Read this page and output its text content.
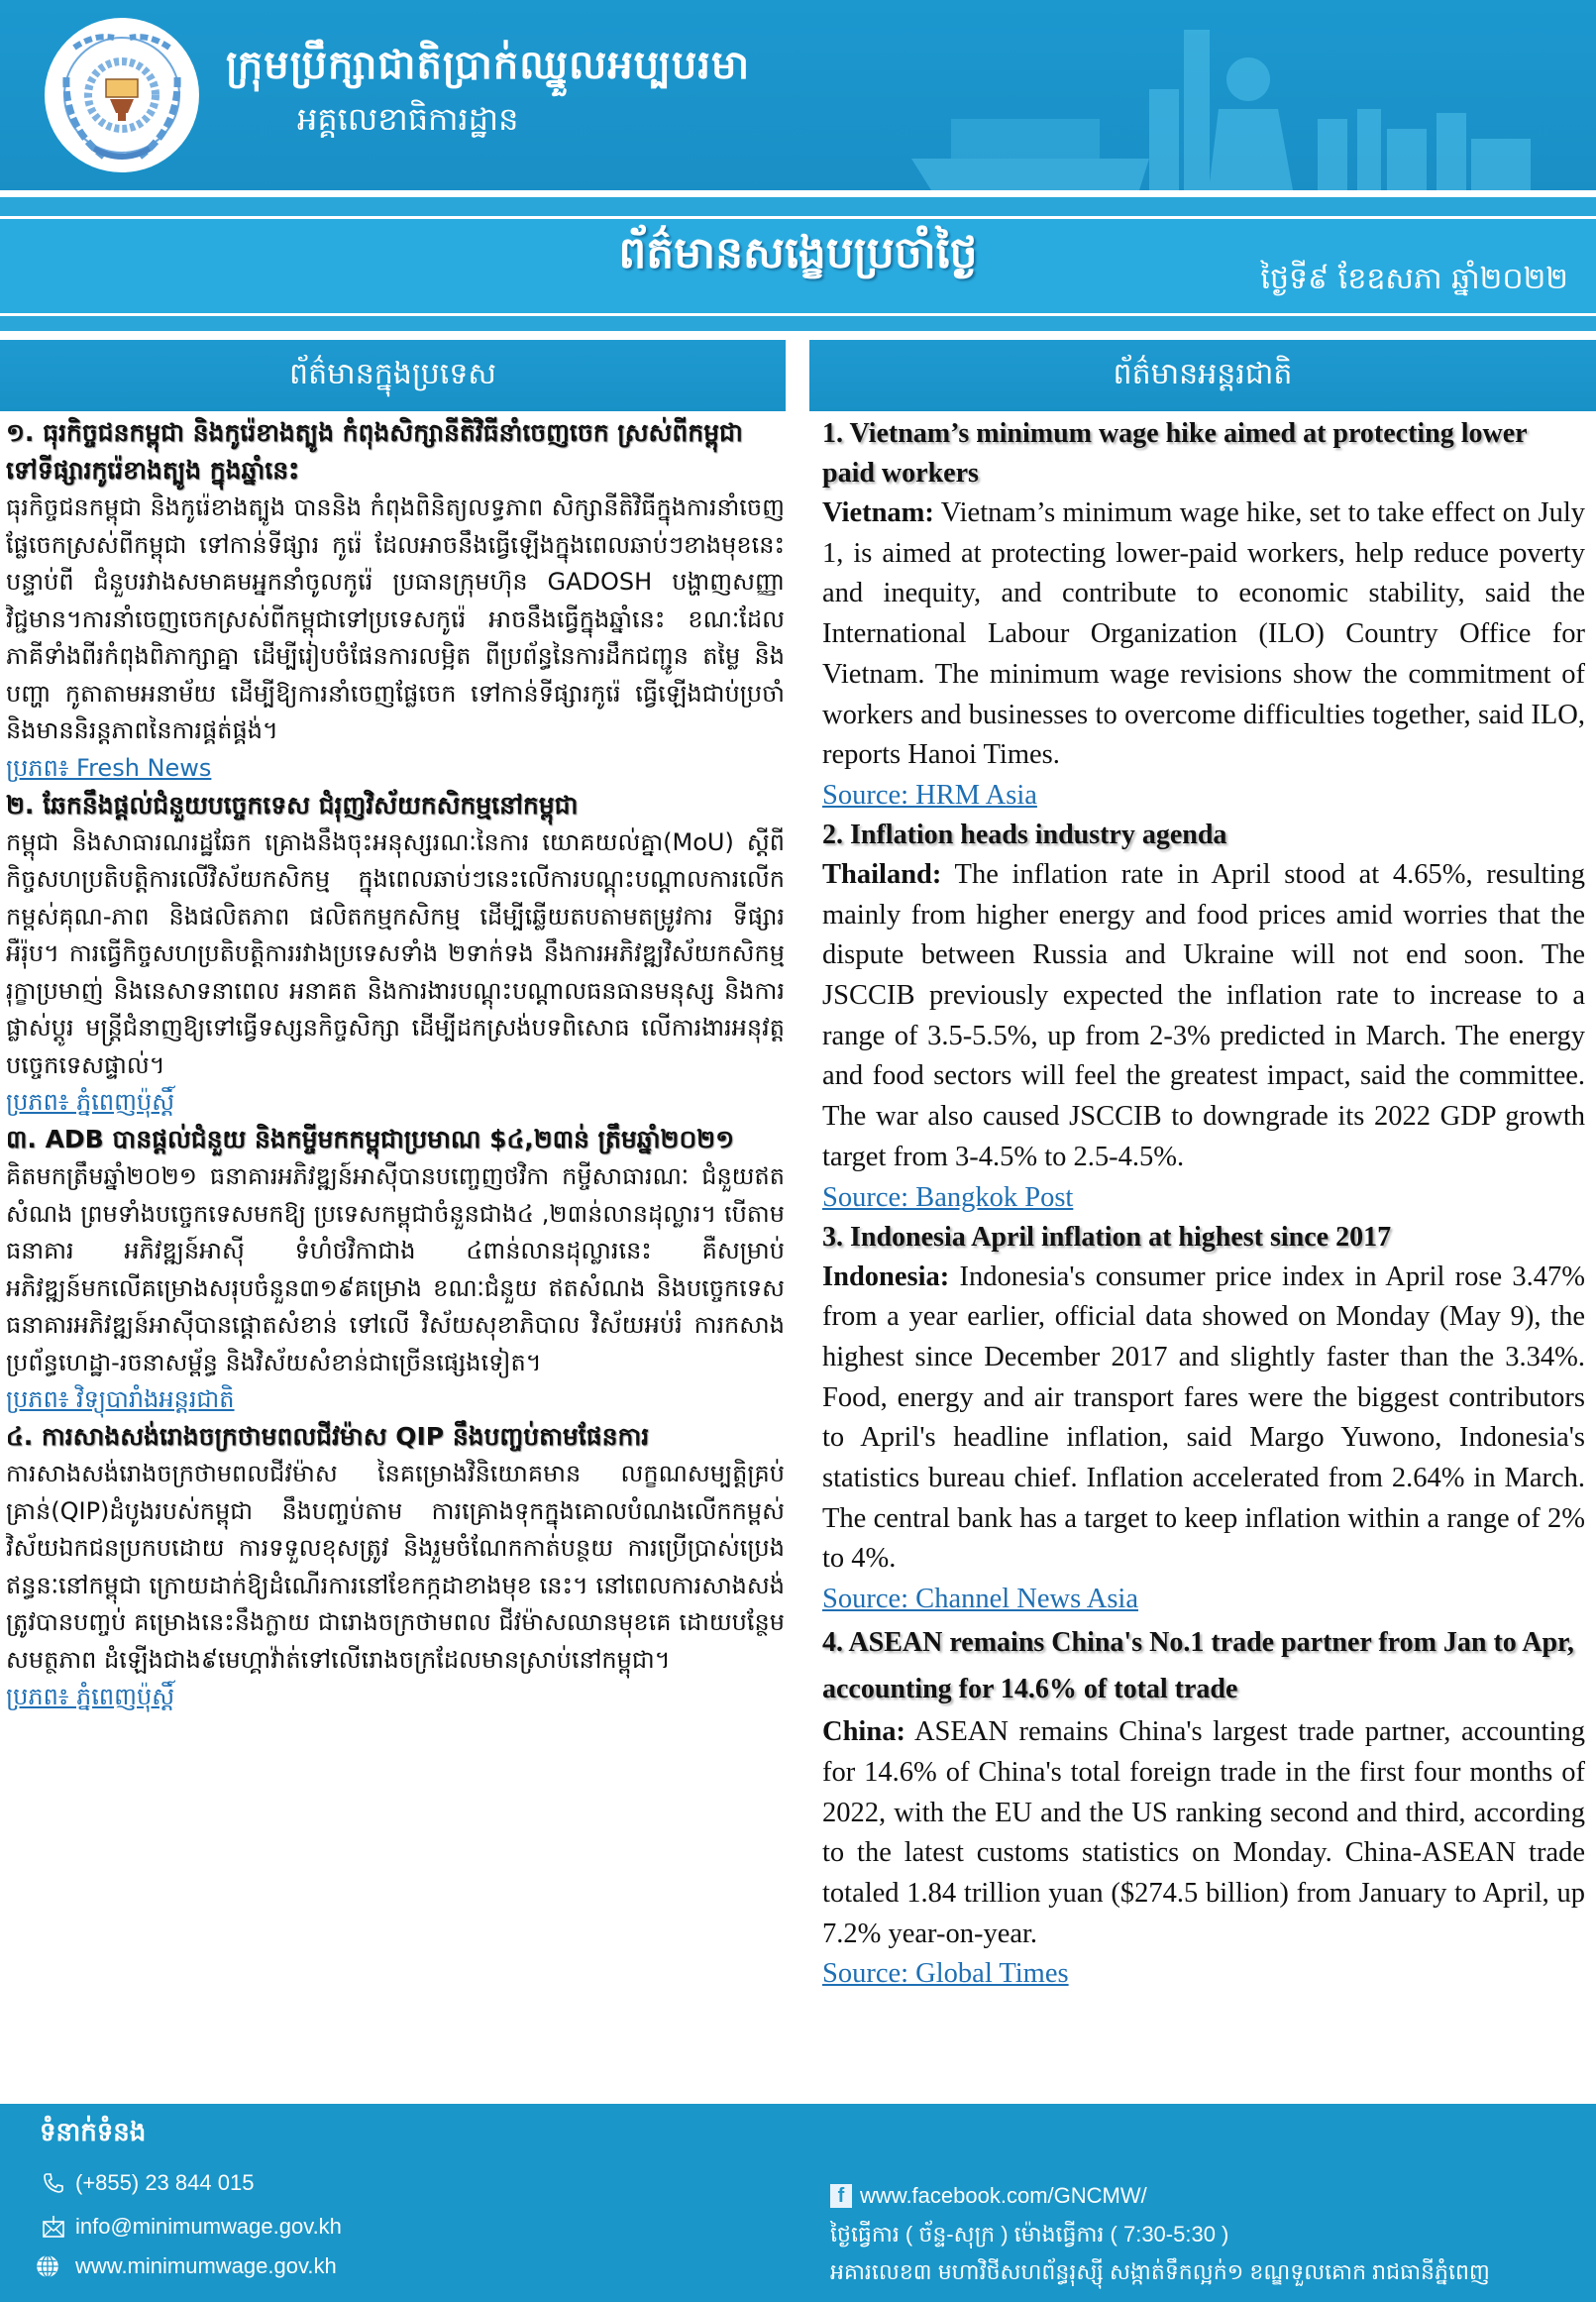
ក្រុមប្រឹក្សាជាតិប្រាក់ឈ្នួលអប្បបរមា
អគ្គលេខាធិការដ្ឋាន
ព័ត៌មានសង្ខេបប្រចាំថ្ងៃ
ថ្ងៃទី៩ ខែឧសភា ឆ្នាំ២០២២
ព័ត៌មានក្នុងប្រទេស	ព័ត៌មានអន្តរជាតិ
១. ធុរកិច្ចជនកម្ពុជា និងកូរ៉េខាងត្បូង កំពុងសិក្សានីតិវិធីនាំចេញចេក ស្រស់ពីកម្ពុជាទៅទីផ្សារកូរ៉េខាងត្បូង ក្នុងឆ្នាំនេះ
ធុរកិច្ចជនកម្ពុជា និងកូរ៉េខាងត្បូង បាននិង កំពុងពិនិត្យលទ្ធភាព សិក្សានីតិវិធីក្នុងការនាំចេញផ្លែចេកស្រស់ពីកម្ពុជា ទៅកាន់ទីផ្សារ កូរ៉េ ដែលអាចនឹងធ្វើឡើងក្នុងពេលឆាប់ៗខាងមុខនេះ បន្ទាប់ពី ជំនួបរវាងសមាគមអ្នកនាំចូលកូរ៉េ ប្រធានក្រុមហ៊ុន GADOSH បង្ហាញសញ្ញាវិជ្ជមាន។ការនាំចេញចេកស្រស់ពីកម្ពុជាទៅប្រទេសកូរ៉េ អាចនឹងធ្វើក្នុងឆ្នាំនេះ ខណៈដែលភាគីទាំងពីរកំពុងពិភាក្សាគ្នា ដើម្បីរៀបចំផែនការលម្អិត ពីប្រព័ន្ធនៃការដឹកជញ្ជូន តម្លៃ និងបញ្ហា កូតាតាមអនាម័យ ដើម្បីឱ្យការនាំចេញផ្លែចេក ទៅកាន់ទីផ្សារកូរ៉េ ធ្វើឡើងជាប់ប្រចាំ និងមាននិរន្តភាពនៃការផ្គត់ផ្គង់។
ប្រភព៖ Fresh News
២. ឆែកនឹងផ្តល់ជំនួយបច្ចេកទេស ជំរុញវិស័យកសិកម្មនៅកម្ពុជា
កម្ពុជា និងសាធារណរដ្ឋឆែក គ្រោងនឹងចុះអនុស្សរណៈនៃការ យោគយល់គ្នា(MoU) ស្តីពីកិច្ចសហប្រតិបត្តិការលើវិស័យកសិកម្ម ក្នុងពេលឆាប់ៗនេះលើការបណ្តុះបណ្តាលការលើកកម្ពស់គុណ-ភាព និងផលិតភាព ផលិតកម្មកសិកម្ម ដើម្បីឆ្លើយតបតាមតម្រូវការ ទីផ្សារអឺរ៉ុប។ ការធ្វើកិច្ចសហប្រតិបត្តិការរវាងប្រទេសទាំង ២ទាក់ទង នឹងការអភិវឌ្ឍវិស័យកសិកម្ម រុក្ខាប្រមាញ់ និងនេសាទនាពេល អនាគត និងការងារបណ្តុះបណ្តាលធនធានមនុស្ស និងការផ្លាស់ប្តូរ មន្ត្រីជំនាញឱ្យទៅធ្វើទស្សនកិច្ចសិក្សា ដើម្បីដកស្រង់បទពិសោធ លើការងារអនុវត្តបច្ចេកទេសផ្ទាល់។
ប្រភព៖ ភ្នំពេញប៉ុស្តិ៍
៣. ADB បានផ្តល់ជំនួយ និងកម្ចីមកកម្ពុជាប្រមាណ $៤,២៣ន់ ត្រឹមឆ្នាំ២០២១
គិតមកត្រឹមឆ្នាំ២០២១ ធនាគារអភិវឌ្ឍន៍អាស៊ីបានបញ្ចេញថវិកា កម្ចីសាធារណៈ ជំនួយឥតសំណង ព្រមទាំងបច្ចេកទេសមកឱ្យ ប្រទេសកម្ពុជាចំនួនជាង៤ ,២៣ន់លានដុល្លារ។ បើតាមធនាគារ អភិវឌ្ឍន៍អាស៊ី ទំហំថវិកាជាង ៤ពាន់លានដុល្លារនេះ គឺសម្រាប់ អភិវឌ្ឍន៍មកលើគម្រោងសរុបចំនួន៣១៩គម្រោង ខណៈជំនួយ ឥតសំណង និងបច្ចេកទេស ធនាគារអភិវឌ្ឍន៍អាស៊ីបានផ្តោតសំខាន់ ទៅលើ វិស័យសុខាភិបាល វិស័យអប់រំ ការកសាងប្រព័ន្ធហេដ្ឋា-រចនាសម្ព័ន្ធ និងវិស័យសំខាន់ជាច្រើនផ្សេងទៀត។
ប្រភព៖ វិទ្យុបារាំងអន្តរជាតិ
៤. ការសាងសង់រោងចក្រថាមពលជីវម៉ាស QIP នឹងបញ្ចប់តាមផែនការ
ការសាងសង់រោងចក្រថាមពលជីវម៉ាស នៃគម្រោងវិនិយោគមាន លក្ខណសម្បត្តិគ្រប់គ្រាន់(QIP)ដំបូងរបស់កម្ពុជា នឹងបញ្ចប់តាម ការគ្រោងទុកក្នុងគោលបំណងលើកកម្ពស់វិស័យឯកជនប្រកបដោយ ការទទួលខុសត្រូវ និងរួមចំណែកកាត់បន្ថយ ការប្រើប្រាស់ប្រេង ឥន្ធនៈនៅកម្ពុជា ក្រោយដាក់ឱ្យដំណើរការនៅខែកក្កដាខាងមុខ នេះ។ នៅពេលការសាងសង់ត្រូវបានបញ្ចប់ គម្រោងនេះនឹងក្លាយ ជារោងចក្រថាមពល ជីវម៉ាសឈានមុខគេ ដោយបន្ថែមសមត្ថភាព ដំឡើងជាង៩មេហ្គាវ៉ាត់ទៅលើរោងចក្រដែលមានស្រាប់នៅកម្ពុជា។
ប្រភព៖ ភ្នំពេញប៉ុស្តិ៍
1. Vietnam’s minimum wage hike aimed at protecting lower paid workers
Vietnam: Vietnam’s minimum wage hike, set to take effect on July 1, is aimed at protecting lower-paid workers, help reduce poverty and inequity, and contribute to economic stability, said the International Labour Organization (ILO) Country Office for Vietnam. The minimum wage revisions show the commitment of workers and businesses to overcome difficulties together, said ILO, reports Hanoi Times.
Source: HRM Asia
2. Inflation heads industry agenda
Thailand: The inflation rate in April stood at 4.65%, resulting mainly from higher energy and food prices amid worries that the dispute between Russia and Ukraine will not end soon. The JSCCIB previously expected the inflation rate to increase to a range of 3.5-5.5%, up from 2-3% predicted in March. The energy and food sectors will feel the greatest impact, said the committee. The war also caused JSCCIB to downgrade its 2022 GDP growth target from 3-4.5% to 2.5-4.5%.
Source: Bangkok Post
3. Indonesia April inflation at highest since 2017
Indonesia: Indonesia's consumer price index in April rose 3.47% from a year earlier, official data showed on Monday (May 9), the highest since December 2017 and slightly faster than the 3.34%. Food, energy and air transport fares were the biggest contributors to April's headline inflation, said Margo Yuwono, Indonesia's statistics bureau chief. Inflation accelerated from 2.64% in March. The central bank has a target to keep inflation within a range of 2% to 4%.
Source: Channel News Asia
4. ASEAN remains China's No.1 trade partner from Jan to Apr, accounting for 14.6% of total trade
China: ASEAN remains China's largest trade partner, accounting for 14.6% of China's total foreign trade in the first four months of 2022, with the EU and the US ranking second and third, according to the latest customs statistics on Monday. China-ASEAN trade totaled 1.84 trillion yuan ($274.5 billion) from January to April, up 7.2% year-on-year.
Source: Global Times
ទំនាក់ទំនង
(+855) 23 844 015
info@minimumwage.gov.kh
www.minimumwage.gov.kh
f www.facebook.com/GNCMW/
ថ្ងៃធ្វើការ ( ច័ន្ទ-សុក្រ ) ម៉ោងធ្វើការ ( 7:30-5:30 )
អគារលេខ៣ មហាវិថីសហព័ន្ធរុស្ស៊ី សង្កាត់ទឹកល្អក់១ ខណ្ឌទួលគោក រាជធានីភ្នំពេញ
